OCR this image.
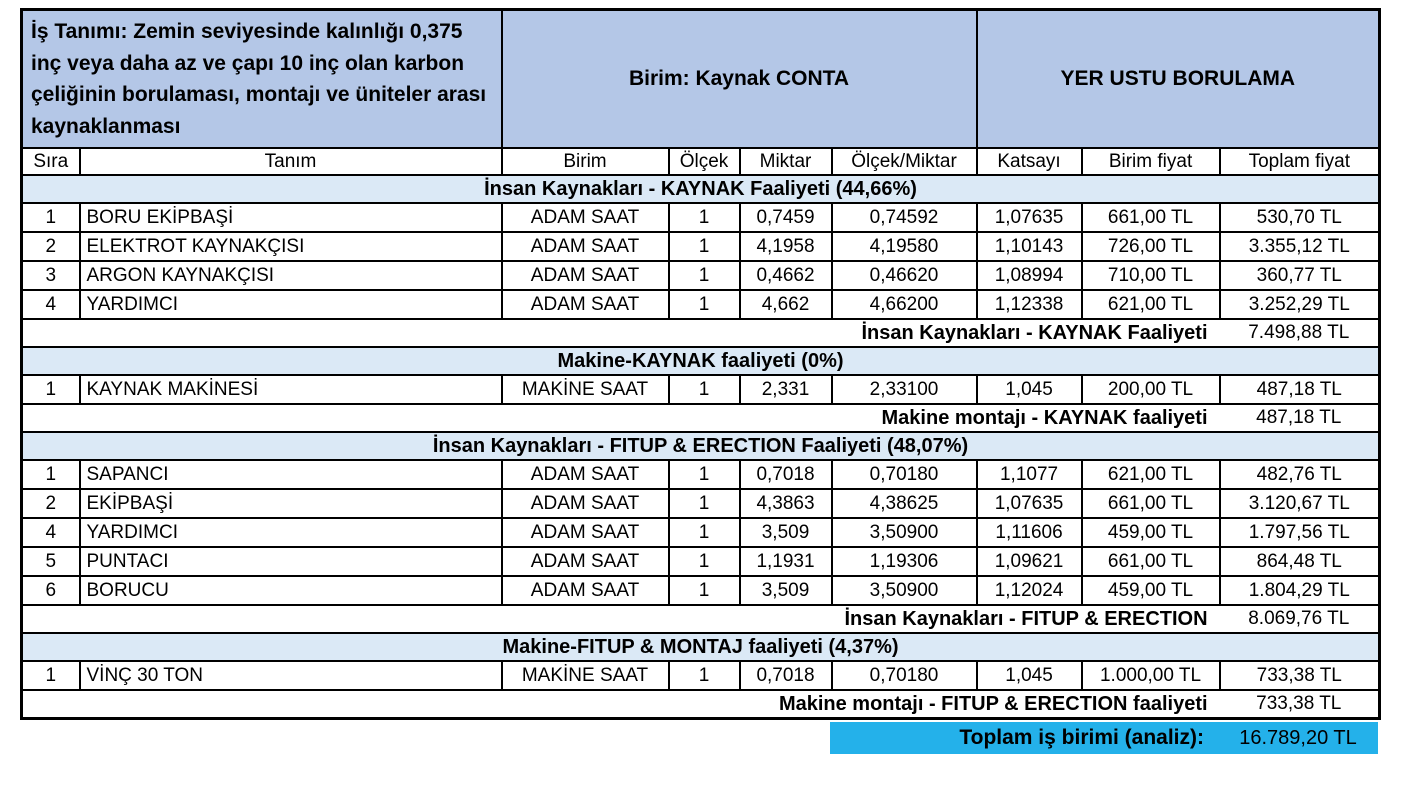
İş Tanımı: Zemin seviyesinde kalınlığı 0,375 inç veya daha az ve çapı 10 inç olan karbon çeliğinin borulaması, montajı ve üniteler arası kaynaklanması		Birim: Kaynak CONTA				YER USTU BORULAMA		
Sıra	Tanım	Birim	Ölçek	Miktar	Ölçek/Miktar	Katsayı	Birim fiyat	Toplam fiyat
İnsan Kaynakları - KAYNAK Faaliyeti (44,66%)								
1	BORU EKİPBAŞİ	ADAM SAAT	1	0,7459	0,74592	1,07635	661,00 TL	530,70 TL
2	ELEKTROT KAYNAKÇISI	ADAM SAAT	1	4,1958	4,19580	1,10143	726,00 TL	3.355,12 TL
3	ARGON KAYNAKÇISI	ADAM SAAT	1	0,4662	0,46620	1,08994	710,00 TL	360,77 TL
4	YARDIMCI	ADAM SAAT	1	4,662	4,66200	1,12338	621,00 TL	3.252,29 TL
İnsan Kaynakları - KAYNAK Faaliyeti								7.498,88 TL
Makine-KAYNAK faaliyeti (0%)								
1	KAYNAK MAKİNESİ	MAKİNE SAAT	1	2,331	2,33100	1,045	200,00 TL	487,18 TL
Makine montajı - KAYNAK faaliyeti								487,18 TL
İnsan Kaynakları - FITUP & ERECTION Faaliyeti (48,07%)								
1	SAPANCI	ADAM SAAT	1	0,7018	0,70180	1,1077	621,00 TL	482,76 TL
2	EKİPBAŞİ	ADAM SAAT	1	4,3863	4,38625	1,07635	661,00 TL	3.120,67 TL
4	YARDIMCI	ADAM SAAT	1	3,509	3,50900	1,11606	459,00 TL	1.797,56 TL
5	PUNTACI	ADAM SAAT	1	1,1931	1,19306	1,09621	661,00 TL	864,48 TL
6	BORUCU	ADAM SAAT	1	3,509	3,50900	1,12024	459,00 TL	1.804,29 TL
İnsan Kaynakları - FITUP & ERECTION								8.069,76 TL
Makine-FITUP & MONTAJ faaliyeti (4,37%)								
1	VİNÇ 30 TON	MAKİNE SAAT	1	0,7018	0,70180	1,045	1.000,00 TL	733,38 TL
Makine montajı - FITUP & ERECTION faaliyeti								733,38 TL
Toplam iş birimi (analiz):	16.789,20 TL
